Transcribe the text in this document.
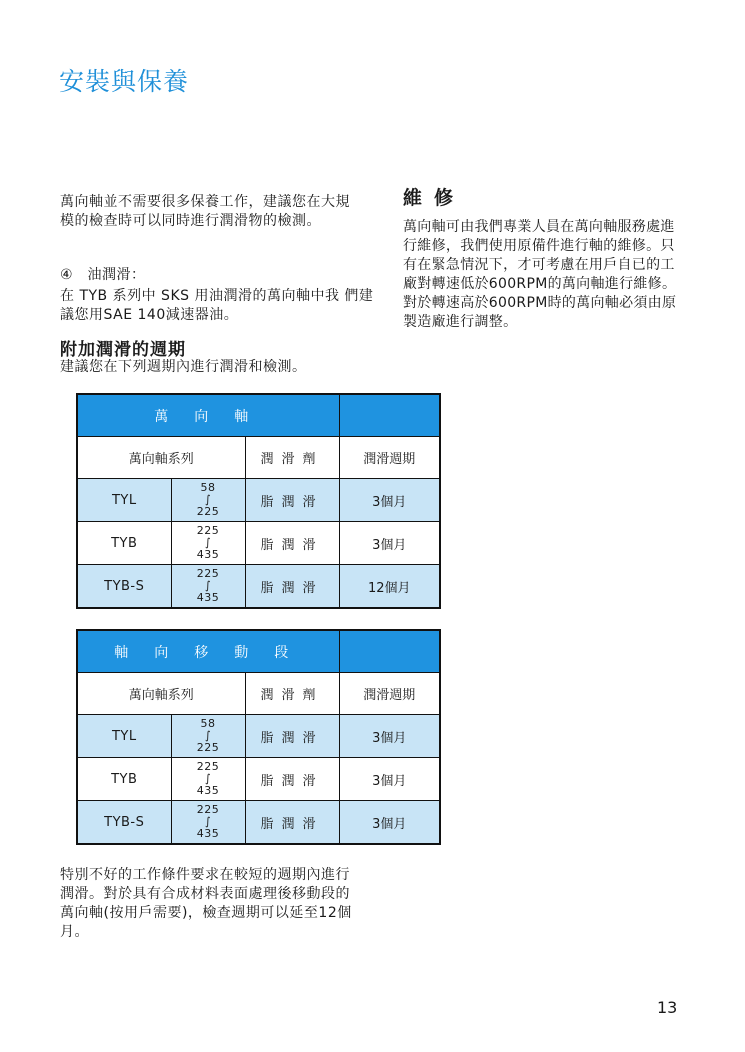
安裝與保養
萬向軸並不需要很多保養工作，建議您在大規模的檢查時可以同時進行潤滑物的檢測。
④　油潤滑：
在 TYB 系列中 SKS 用油潤滑的萬向軸中我 們建議您用SAE 140減速器油。
附加潤滑的週期
建議您在下列週期內進行潤滑和檢測。
維修
萬向軸可由我們專業人員在萬向軸服務處進行維修，我們使用原備件進行軸的維修。只有在緊急情況下，才可考慮在用戶自已的工廠對轉速低於600RPM的萬向軸進行維修。對於轉速高於600RPM時的萬向軸必須由原製造廠進行調整。
萬向軸			
萬向軸系列		潤滑劑	潤滑週期
TYL	58
∫
225	脂潤滑	3個月
TYB	225
∫
435	脂潤滑	3個月
TYB-S	225
∫
435	脂潤滑	12個月
軸向移動段			
萬向軸系列		潤滑劑	潤滑週期
TYL	58
∫
225	脂潤滑	3個月
TYB	225
∫
435	脂潤滑	3個月
TYB-S	225
∫
435	脂潤滑	3個月
特別不好的工作條件要求在較短的週期內進行潤滑。對於具有合成材料表面處理後移動段的萬向軸(按用戶需要)，檢查週期可以延至12個月。
13
